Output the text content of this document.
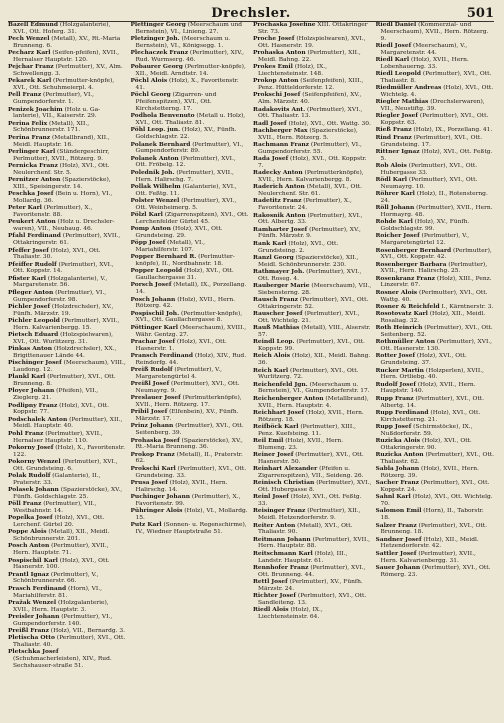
Drechsler.	501
Bazell Edmund (Holzgalanterie), XVI., Ott. Hoferg. 31.
Pech Wenzel (Metall), XV., Rt.-Maria Brunneng. 6.
Pecharz Karl (Seifen-pfeifen), XVII., Hernalser Hauptstr. 120.
Pejchar Franz (Perlmutter), XV., Alm. Schwellengg. 3.
Pekarek Karl (Perlmutter-knöpfe), XVI., Ott. Schuhmeierpl. 4.
Pell Franz (Perlmutter), VI., Gumpendorferstr. 1.
Penizek Joachim (Holz u. Ga-lanterie), VII., Kaiserstr. 29.
Perina Felix (Metall), XII., Schönbrunnerstr. 171.
Perina Franz (Metallbrand), XII., Meidl. Hauptstr. 16.
Perlinger Karl (Ständergeschirr, Perlmutter), XVII., Rötzerg. 9.
Pernicka Franz (Holz), XVI., Ott. Neulerchenf. Str. 5.
Pernitzer Anton (Spazierstöcke), XIII., Speisingerstr. 14.
Peschka Josef (Bein u. Horn), VI., Mollardg. 36.
Peter Karl (Perlmutter), X., Favoritenstr. 88.
Peukert Anton (Holz u. Drechsler-waren), VII., Neubaug. 46.
Pfahl Ferdinand (Perlmutter), XVII., Ottakringerstr. 61.
Pfeffer Josef (Holz), XVI., Ott. Thaliastr. 30.
Pfeiffer Rudolf (Perlmutter), XVI., Ott. Koppstr. 14.
Pfister Karl (Holzgalanterie), V., Margaretenstr. 56.
Pfleger Anton (Perlmutter), VI., Gumpendorferstr. 98.
Pichler Josef (Holzdrechsler), XV., Fünfh. Märzstr. 19.
Pichler Leopold (Perlmutter), XVII., Hern. Kalvarienbergg. 15.
Pietsch Eduard (Holzspielwaren), XVI., Ott. Wurlitzerg. 31.
Pinkas Anton (Holzdrechsler), XX., Brigittenauer Lände 44.
Pischinger Josef (Meerschaum), VIII., Laudong. 12.
Plankl Karl (Perlmutter), XVI., Ott. Brunneng. 8.
Ployer Johann (Pfeifen), VII., Zieglerg. 21.
Podlipny Franz (Holz), XVI., Ott. Koppstr. 77.
Podschalek Anton (Perlmutter), XII., Meidl. Hauptstr. 40.
Pohl Franz (Perlmutter), XVII., Hernalser Hauptstr. 110.
Pokorny Josef (Holz), X., Favoritenstr. 122.
Pokorny Wenzel (Perlmutter), XVI., Ott. Grundsteing. 6.
Polak Rudolf (Galanterie), II., Praterstr. 33.
Polasek Johann (Spazierstöcke), XV., Fünfh. Goldschlagstr. 25.
Pöll Franz (Perlmutter), VII., Westbahnstr. 14.
Popelka Josef (Holz), XVI., Ott. Lerchenf. Gürtel 20.
Poppe Alois (Metall), XII., Meidl. Schönbrunnerstr. 201.
Posch Anton (Perlmutter), XVII., Hern. Hauptstr. 71.
Pospischil Karl (Holz), XVI., Ott. Hasnerstr. 100.
Prantl Ignaz (Perlmutter), V., Schönbrunnerstr. 66.
Prasch Ferdinand (Horn), VI., Mariahilferstr. 81.
Pražak Wenzel (Holzgalanterie), XVII., Hern. Hauptstr. 3.
Preisler Johann (Perlmutter), VI., Gumpendorferstr. 140.
Preißl Franz (Holz), VII., Bernardg. 3.
Pletischa Otto (Perlmutter), XVI., Ott. Thaliastr. 40.
Pletschka Josef (Schuhmacherleisten), XIV., Rud. Sechshauser-straße 51.
Plettinger Georg (Meerschaum und Bernstein), VI., Linieng. 27.
Pletzinger Joh. (Meerschaum u. Bernstein), VI., Königsegg. 1.
Plechaczek Franz (Perlmutter), XIV., Rud. Wurmserg. 46.
Pobaurer Georg (Perlmutter-knöpfe), XII., Meidl. Arndtstr. 14.
Pöchl Alois (Holz), X., Favoritenstr. 41.
Pöchl Georg (Zigarren- und Pfeifenspitzen), XVI., Ott. Kirchstetterng. 17.
Podhola Benvenuto (Metall u. Holz), XVI., Ott. Thaliastr. 81.
Pöhl Leop. jun. (Holz), XV., Fünfh. Goldschlagstr. 22.
Polanek Bernhard (Perlmutter), VI., Gumpendorferstr. 89.
Polanek Anton (Perlmutter), XVI., Ott. Fröbelg. 12.
Polednik Joh. (Perlmutter), XVII., Hern. Halirschg. 7.
Pollak Wilhelm (Galanterie), XVI., Ott. Feßtg. 11.
Polster Wenzel (Perlmutter), XVI., Ott. Weinheimerg. 5.
Pölzl Karl (Zigarrenspitzen), XVI., Ott. Lerchenfelder Gürtel 45.
Pomp Anton (Holz), XVI., Ott. Grundsteing. 29.
Pöpp Josef (Metall), VI., Mariahilferstr. 107.
Popper Bernhard R. (Perlmutter-knöpfe), II., Nordbahnstr. 18.
Popper Leopold (Holz), XVI., Ott. Gaullachergasse 31.
Porsch Josef (Metall), IX., Porzellang. 14.
Posch Johann (Holz), XVII., Hern. Rötzerg. 42.
Pospischil Joh. (Perlmutter-knöpfe), XVI., Ott. Gaullachergasse 8.
Pöttinger Karl (Meerschaum), XVIII., Währ. Gentzg. 27.
Prachar Josef (Holz), XVI., Ott. Hasnerstr. 1.
Pransch Ferdinand (Holz), XIV., Rud. Reindorfg. 44.
Preiß Rudolf (Perlmutter), V., Margaretengürtel 4.
Preißl Josef (Perlmutter), XVI., Ott. Neumayrg. 9.
Preslauer Josef (Perlmutterknöpfe), XVII., Hern. Rötzerg. 17.
Pribil Josef (Elfenbein), XV., Fünfh. Märzstr. 17.
Prinz Johann (Perlmutter), XVI., Ott. Seitenberg. 39.
Prohaska Josef (Spazierstöcke), XV., Rt.-Maria Brunneng. 36.
Prokop Franz (Metall), II., Praterstr. 62.
Prokschi Karl (Perlmutter), XVI., Ott. Grundsteing. 33.
Prusa Josef (Holz), XVII., Hern. Halirschg. 14.
Puchinger Johann (Perlmutter), X., Favoritenstr. 99.
Pühringer Alois (Holz), VI., Mollardg. 15.
Putz Karl (Sonnen- u. Regenschirme), IV., Wiedner Hauptstraße 51.
Prochaska Josefine XIII. Ottakringer Str. 73.
Proche Josef (Holzspielwaren), XVI., Ott. Hasnerstr. 19.
Prohaska Anton (Perlmutter), XII., Meidl. Bahng. 22.
Prokes Emil (Holz), IX., Liechtensteinstr. 148.
Prokop Anton (Seifenpfeifen), XIII., Penz. Hütteldorferstr. 12.
Prokschi Josef (Seifenpfeifen), XV., Alm. Märzstr. 40.
Radakovits Ant. (Perlmutter), XVI., Ott. Thaliastr. 13.
Radl Josef (Holz), XVI., Ott. Wattg. 30.
Rachberger Max (Spazierstöcke), XVII., Hern. Rötzerg. 5.
Rachmann Franz (Perlmutter), VI., Gumpendorferstr. 55.
Rada Josef (Holz), XVI., Ott. Koppstr. 7.
Radecky Anton (Perlmutterknöpfe), XVII., Hern. Kalvarienbergg. 8.
Raderich Anton (Metall), XVI., Ott. Neulerchenf. Str. 61.
Radetitz Franz (Perlmutter), X., Favoritenstr. 24.
Rakosnik Anton (Perlmutter), XVI., Ott. Albertg. 33.
Ramharter Josef (Perlmutter), XV., Fünfh. Märzstr. 9.
Rank Karl (Holz), XVI., Ott. Grundsteing. 2.
Ranzl Georg (Spazierstöcke), XII., Meidl. Schönbrunnerstr. 230.
Rathmayer Joh. (Perlmutter), XVI., Ott. Roseg. 4.
Rauberger Marie (Meerschaum), VII., Siebensterng. 28.
Rausch Franz (Perlmutter), XVI., Ott. Ottakringerstr. 52.
Rauscher Josef (Perlmutter), XVI., Ott. Wichtelg. 21.
Rauß Mathias (Metall), VIII., Alserstr. 57.
Reindl Leop. (Perlmutter), XVI., Ott. Koppstr. 99.
Reich Alois (Holz), XII., Meidl. Bahng. 36.
Reich Karl (Perlmutter), XVI., Ott. Wurlitzerg. 72.
Reichenfeld Jgn. (Meerschaum u. Bernstein), VI., Gumpendorferstr. 17.
Reichenberger Anton (Metallbrand), XVII., Hern. Hauptstr. 4.
Reichhart Josef (Holz), XVII., Hern. Rötzerg. 18.
Reifböck Karl (Perlmutter), XIII., Penz. Kuefsteing. 11.
Reil Emil (Holz), XVII., Hern. Blumeng. 23.
Reiner Josef (Perlmutter), XVI., Ott. Hasnerstr. 50.
Reinhart Alexander (Pfeifen u. Zigarrenspitzen), VII., Seideng. 26.
Reinisch Christian (Perlmutter), XVI., Ott. Hubergasse 8.
Reinl Josef (Holz), XVI., Ott. Feßtg. 33.
Reisinger Franz (Perlmutter), XII., Meidl. Hetzendorferstr. 9.
Reiter Anton (Metall), XVI., Ott. Thaliastr. 90.
Reitmann Johann (Perlmutter), XVII., Hern. Hauptstr. 88.
Reitschmann Karl (Holz), III., Landstr. Hauptstr. 61.
Rennhofer Franz (Perlmutter), XVI., Ott. Brunneng. 44.
Rettl Josef (Perlmutter), XV., Fünfh. Märzstr. 24.
Richter Josef (Perlmutter), XVI., Ott. Sandleiteng. 13.
Riedl Alois (Holz), IX., Liechtensteinstr. 64.
Riedl Daniel (Kommerzial- und Meerschaum), XVII., Hern. Rötzerg. 9.
Riedl Josef (Meerschaum), V., Margaretenstr. 44.
Riedl Karl (Holz), XVII., Hern. Lobenhauerng. 33.
Riedl Leopold (Perlmutter), XVI., Ott. Thaliastr. 8.
Riedmüller Andreas (Holz), XVI., Ott. Wichtelg. 4.
Riegler Mathias (Drechslerwaren), VII., Neustiftg. 39.
Riegler Josef (Perlmutter), XVI., Ott. Koppstr. 63.
Rieß Franz (Holz), IX., Porzellang. 41.
Rind Franz (Perlmutter), XVI., Ott. Grundsteing. 17.
Rittner Ignaz (Holz), XVI., Ott. Feßtg. 5.
Rob Alois (Perlmutter), XVI., Ott. Hubergasse 33.
Rödl Karl (Perlmutter), XVI., Ott. Neumayrg. 10.
Röhrer Karl (Holz), II., Rotensterng. 24.
Röll Johann (Perlmutter), XVII., Hern. Hormayrg. 48.
Rohde Karl (Holz), XV., Fünfh. Goldschlagstr. 99.
Roicher Josef (Perlmutter), V., Margaretengürtel 12.
Rosenberger Bernhard (Perlmutter), XVI., Ott. Koppstr. 42.
Rosenberger Barbara (Perlmutter), XVII., Hern. Halirschg. 25.
Rosenkranz Franz (Holz), XIII., Penz. Linzerstr. 67.
Rosner Alois (Perlmutter), XVI., Ott. Wattg. 40.
Rosner & Reichfeld I., Kärntnerstr. 3.
Rosotovatz Karl (Holz), XII., Meidl. Rosaliag. 32.
Roth Heinrich (Perlmutter), XVI., Ott. Seitenberg. 52.
Rothmüller Anton (Perlmutter), XVI., Ott. Hasnerstr. 130.
Rotter Josef (Holz), XVI., Ott. Grundsteing. 37.
Rucker Martin (Holzperlen), XVII., Hern. Ortliebg. 40.
Rudolf Josef (Holz), XVII., Hern. Hauptstr. 140.
Rupp Franz (Perlmutter), XVI., Ott. Albertg. 14.
Rupp Ferdinand (Holz), XVI., Ott. Kirchstetterng. 21.
Rupp Josef (Schirmstöcke), IX., Nußdorferstr. 59.
Ruzicka Alois (Holz), XVI., Ott. Ottakringerstr. 90.
Ruzicka Anton (Perlmutter), XVI., Ott. Thaliastr. 62.
Sabla Johann (Holz), XVII., Hern. Rötzerg. 39.
Sacher Franz (Perlmutter), XVI., Ott. Koppstr. 24.
Sahnl Karl (Holz), XVI., Ott. Wichtelg. 70.
Salomon Emil (Horn), II., Taborstr. 18.
Salzer Franz (Perlmutter), XVI., Ott. Brunneng. 18.
Sandner Josef (Holz), XII., Meidl. Hetzendorferstr. 42.
Sattler Josef (Perlmutter), XVII., Hern. Kalvarienbergg. 31.
Sauer Johann (Perlmutter), XVI., Ott. Römerg. 23.
